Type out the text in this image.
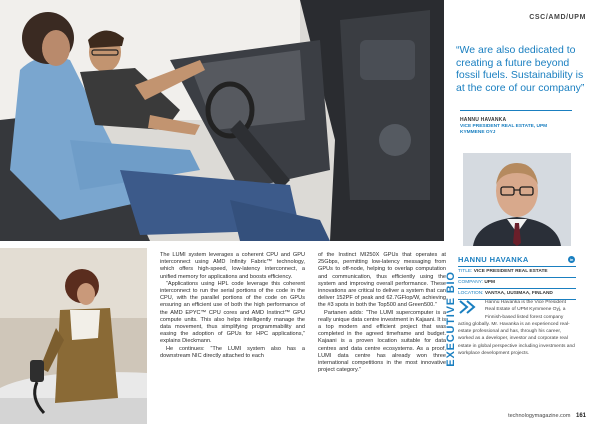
CSC/AMD/UPM
“We are also dedicated to creating a future beyond fossil fuels. Sustainability is at the core of our company”
HANNU HAVANKA
VICE PRESIDENT REAL ESTATE, UPM KYMMENE OYJ

The LUMI system leverages a coherent CPU and GPU interconnect using AMD Infinity Fabric™ technology, which offers high-speed, low-latency interconnect, a unified memory for applications and boosts efficiency.

“Applications using HPL code leverage this coherent interconnect to run the serial portions of the code in the CPU, with the parallel portions of the code on GPUs ensuring an efficient use of both the high performance of the AMD EPYC™ CPU cores and AMD Instinct™ GPU compute units. This also helps intelligently manage the data movement, thus simplifying programmability and easing the adoption of GPUs for HPC applications,” explains Dieckmann.

He continues: “The LUMI system also has a downstream NIC directly attached to each

of the Instinct MI250X GPUs that operates at 25Gbps, permitting low-latency messaging from GPUs to off-node, helping to overlap computation and communication, thus efficiently using the system and improving overall performance. These innovations are critical to deliver a system that can deliver 152PF of peak and 62.7GFlop/W, achieving the #3 spots in both the Top500 and Green500.”

Partanen adds: “The LUMI supercomputer is a really unique data centre investment in Kajaani. It is a top modern and efficient project that was completed in the agreed timeframe and budget. Kajaani is a proven location suitable for data centres and data centre ecosystems. As a proof, LUMI data centre has already won three international competitions in the most innovative project category.”

EXECUTIVE BIO
HANNU HAVANKA	in
TITLE: VICE PRESIDENT REAL ESTATE
COMPANY: UPM
LOCATION: VANTAA, UUSIMAA, FINLAND
Hannu Havanka is the Vice President Real Estate of UPM Kymmene Oyj, a Finnish-based listed forest company acting globally. Mr. Havanka is an experienced real-estate professional and has, through his career, worked as a developer, investor and corporate real estate in global perspective including investments and workplace development projects.
technologymagazine.com 161
